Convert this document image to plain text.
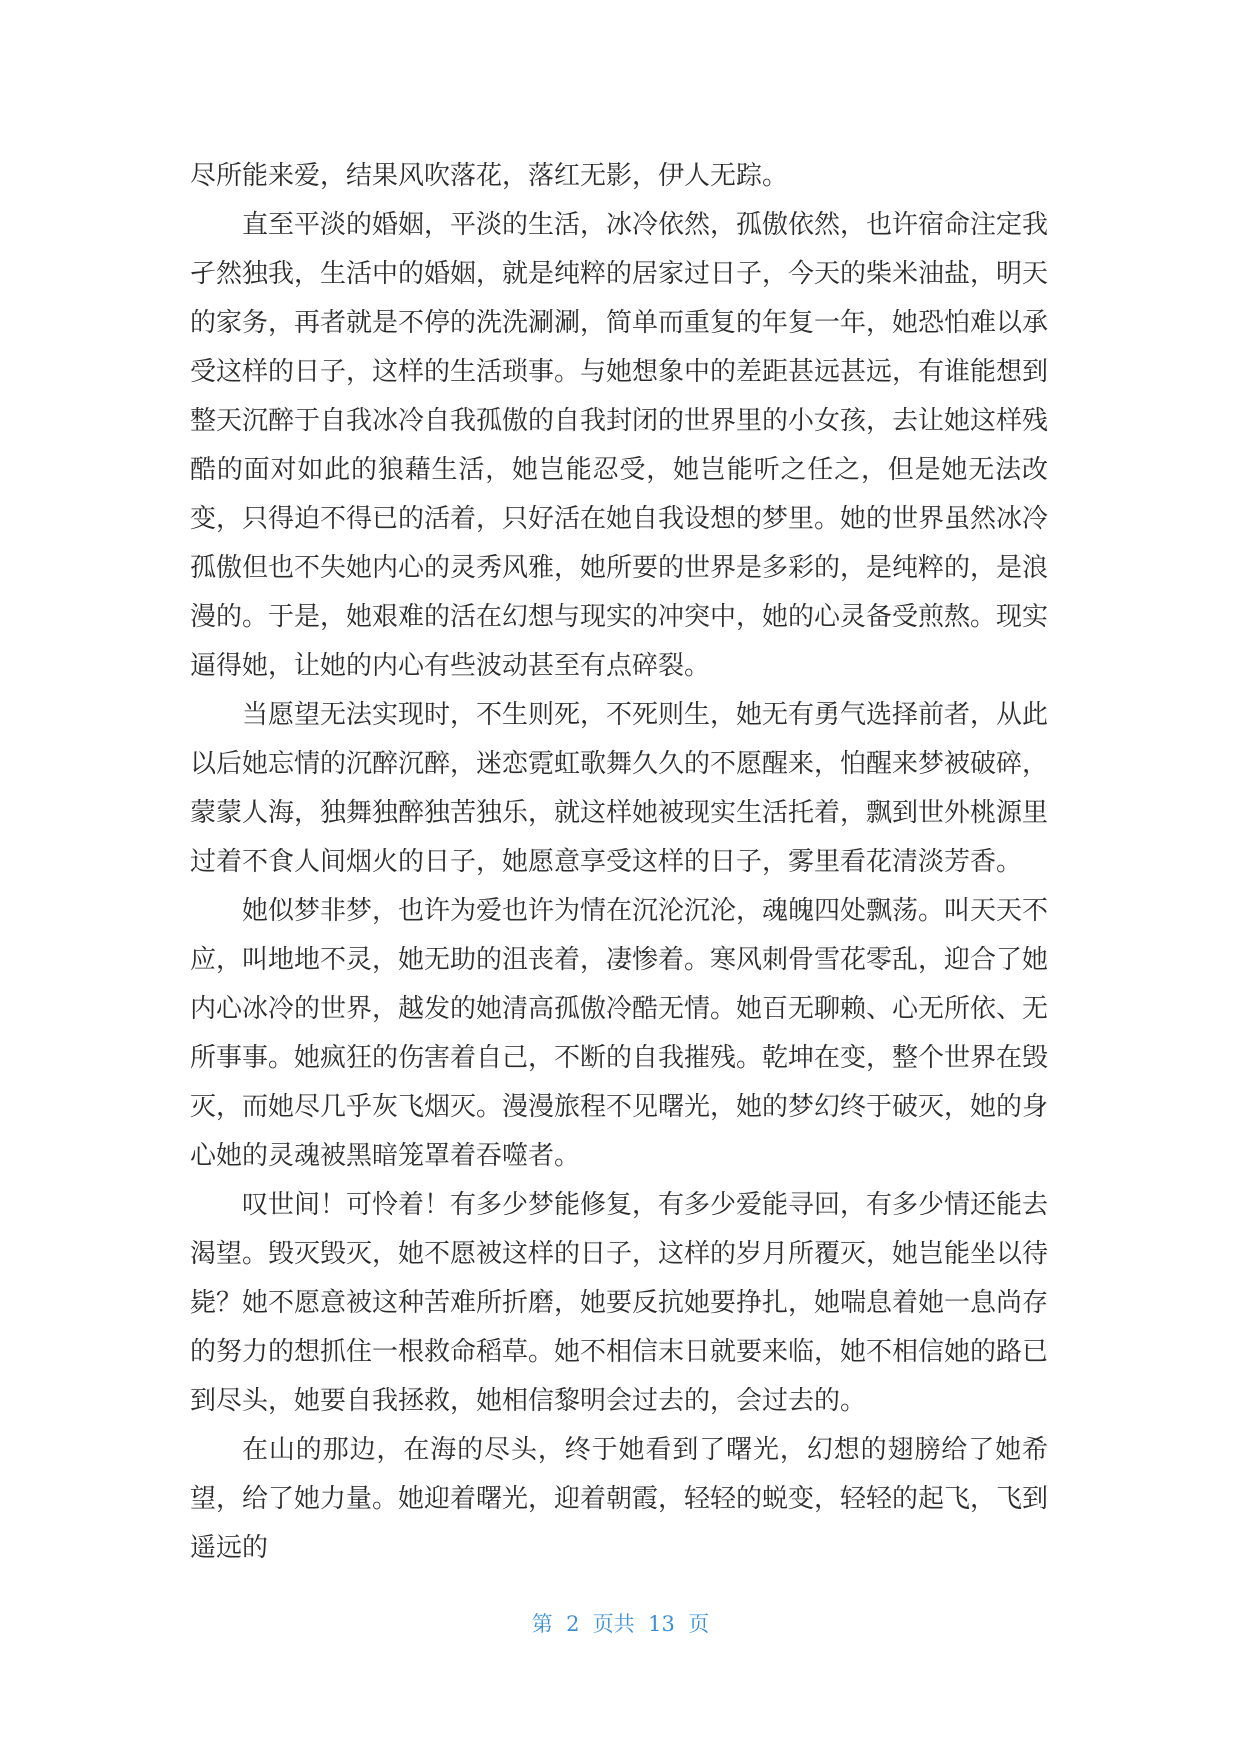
尽所能来爱，结果风吹落花，落红无影，伊人无踪。

直至平淡的婚姻，平淡的生活，冰冷依然，孤傲依然，也许宿命注定我孑然独我，生活中的婚姻，就是纯粹的居家过日子，今天的柴米油盐，明天的家务，再者就是不停的洗洗涮涮，简单而重复的年复一年，她恐怕难以承受这样的日子，这样的生活琐事。与她想象中的差距甚远甚远，有谁能想到整天沉醉于自我冰冷自我孤傲的自我封闭的世界里的小女孩，去让她这样残酷的面对如此的狼藉生活，她岂能忍受，她岂能听之任之，但是她无法改变，只得迫不得已的活着，只好活在她自我设想的梦里。她的世界虽然冰冷孤傲但也不失她内心的灵秀风雅，她所要的世界是多彩的，是纯粹的，是浪漫的。于是，她艰难的活在幻想与现实的冲突中，她的心灵备受煎熬。现实逼得她，让她的内心有些波动甚至有点碎裂。

当愿望无法实现时，不生则死，不死则生，她无有勇气选择前者，从此以后她忘情的沉醉沉醉，迷恋霓虹歌舞久久的不愿醒来，怕醒来梦被破碎，蒙蒙人海，独舞独醉独苦独乐，就这样她被现实生活托着，飘到世外桃源里过着不食人间烟火的日子，她愿意享受这样的日子，雾里看花清淡芳香。

她似梦非梦，也许为爱也许为情在沉沦沉沦，魂魄四处飘荡。叫天天不应，叫地地不灵，她无助的沮丧着，凄惨着。寒风刺骨雪花零乱，迎合了她内心冰冷的世界，越发的她清高孤傲冷酷无情。她百无聊赖、心无所依、无所事事。她疯狂的伤害着自己，不断的自我摧残。乾坤在变，整个世界在毁灭，而她尽几乎灰飞烟灭。漫漫旅程不见曙光，她的梦幻终于破灭，她的身心她的灵魂被黑暗笼罩着吞噬者。

叹世间！可怜着！有多少梦能修复，有多少爱能寻回，有多少情还能去渴望。毁灭毁灭，她不愿被这样的日子，这样的岁月所覆灭，她岂能坐以待毙？她不愿意被这种苦难所折磨，她要反抗她要挣扎，她喘息着她一息尚存的努力的想抓住一根救命稻草。她不相信末日就要来临，她不相信她的路已到尽头，她要自我拯救，她相信黎明会过去的，会过去的。

在山的那边，在海的尽头，终于她看到了曙光，幻想的翅膀给了她希望，给了她力量。她迎着曙光，迎着朝霞，轻轻的蜕变，轻轻的起飞，飞到遥远的

第  2  页共  13  页
